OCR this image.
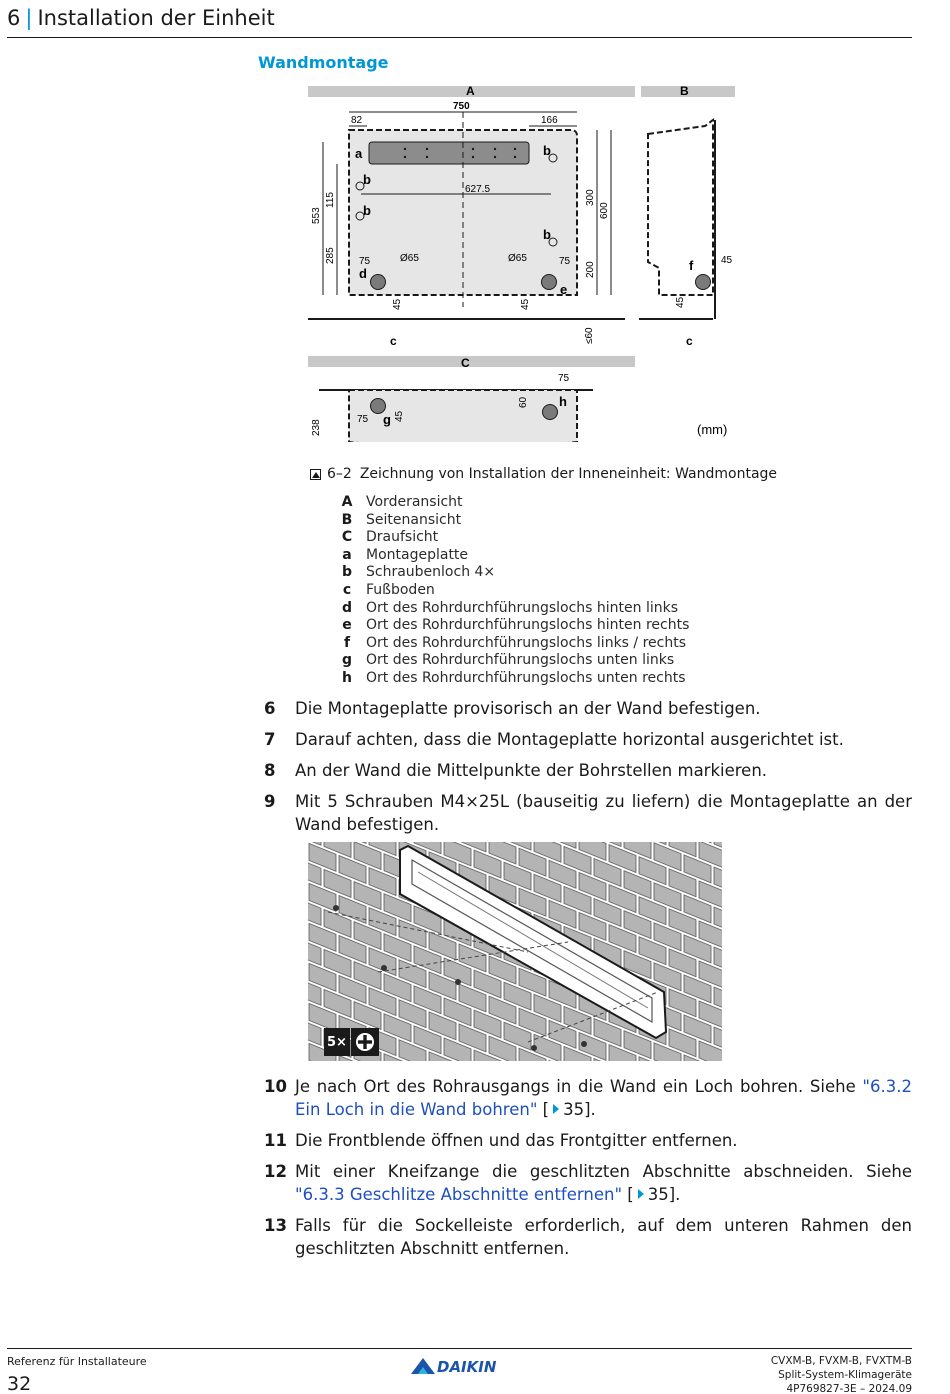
6 | Installation der Einheit
Wandmontage
A	B
750
82	166
627.5
553
115
285
300
600
200
75	Ø65	Ø65	75
45	45
≤60
a
b
b
b
b
d
e
c
f	45
45
c
C
75
75 g 45
60 h
238	(mm)
6–2 Zeichnung von Installation der Inneneinheit: Wandmontage
A Vorderansicht
B Seitenansicht
C Draufsicht
a	Montageplatte
b Schraubenloch 4×
c	Fußboden
d Ort des Rohrdurchführungslochs hinten links
e	Ort des Rohrdurchführungslochs hinten rechts
f	Ort des Rohrdurchführungslochs links / rechts
g Ort des Rohrdurchführungslochs unten links
h	Ort des Rohrdurchführungslochs unten rechts
6	Die Montageplatte provisorisch an der Wand befestigen.
7	Darauf achten, dass die Montageplatte horizontal ausgerichtet ist.
8	An der Wand die Mittelpunkte der Bohrstellen markieren.
9	Mit 5 Schrauben M4×25L (bauseitig zu liefern) die Montageplatte an der Wand befestigen.
5×
10 Je nach Ort des Rohrausgangs in die Wand ein Loch bohren. Siehe "6.3.2 Ein Loch in die Wand bohren" [ 35].
11 Die Frontblende öffnen und das Frontgitter entfernen.
12 Mit einer Kneifzange die geschlitzten Abschnitte abschneiden. Siehe "6.3.3 Geschlitze Abschnitte entfernen" [ 35].
13 Falls für die Sockelleiste erforderlich, auf dem unteren Rahmen den geschlitzten Abschnitt entfernen.
Referenz für Installateure
32
DAIKIN	CVXM-B, FVXM-B, FVXTM-B
Split-System-Klimageräte
4P769827-3E – 2024.09
